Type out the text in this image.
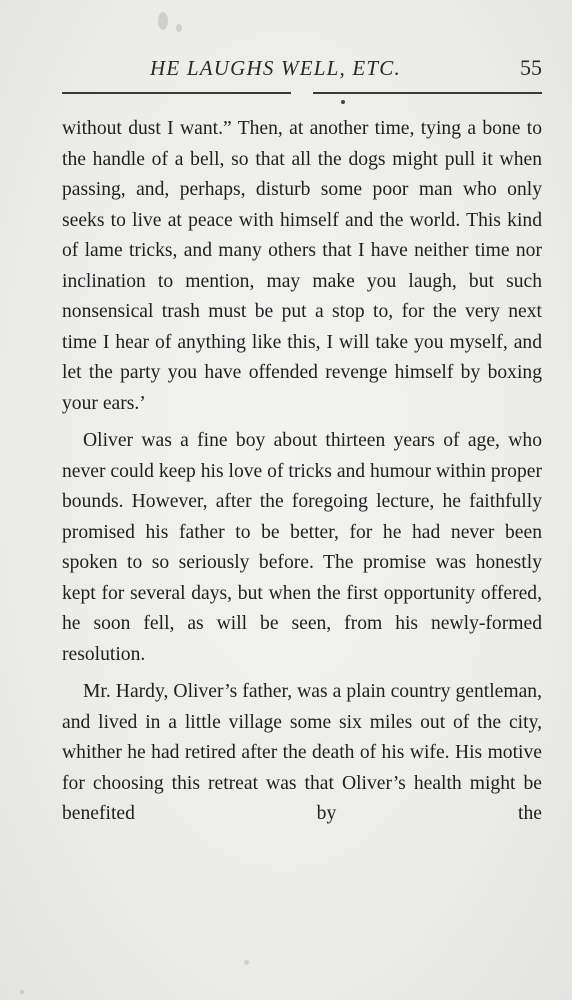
HE LAUGHS WELL, ETC.	55

without dust I want.” Then, at another time, tying a bone to the handle of a bell, so that all the dogs might pull it when passing, and, perhaps, disturb some poor man who only seeks to live at peace with himself and the world. This kind of lame tricks, and many others that I have neither time nor inclination to mention, may make you laugh, but such nonsensical trash must be put a stop to, for the very next time I hear of anything like this, I will take you myself, and let the party you have offended revenge himself by boxing your ears.’

Oliver was a fine boy about thirteen years of age, who never could keep his love of tricks and humour within proper bounds. However, after the foregoing lecture, he faithfully promised his father to be better, for he had never been spoken to so seriously before. The promise was honestly kept for several days, but when the first opportunity offered, he soon fell, as will be seen, from his newly-formed resolution.

Mr. Hardy, Oliver’s father, was a plain country gentleman, and lived in a little village some six miles out of the city, whither he had retired after the death of his wife. His motive for choosing this retreat was that Oliver’s health might be benefited by the
